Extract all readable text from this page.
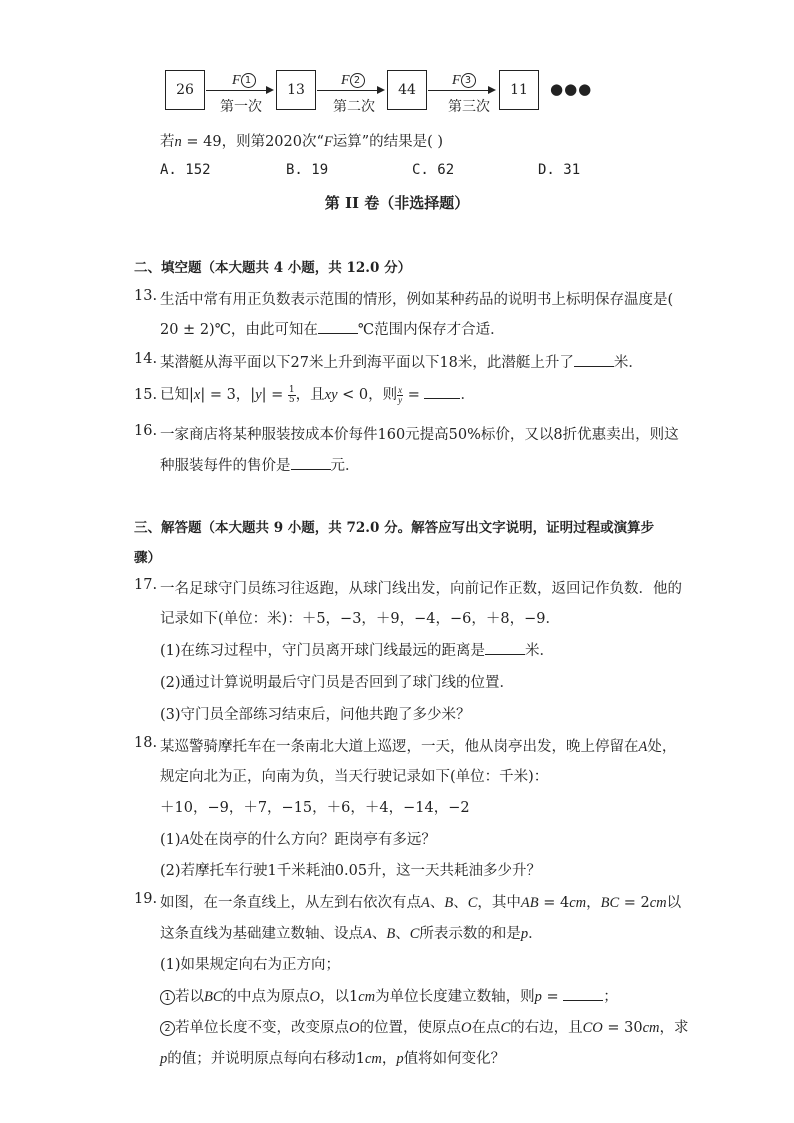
26
F 1
第一次
13
F 2
第二次
44
F 3
第三次
11 ●●●
若n = 49，则第2020次“F运算”的结果是( )
A. 152	B. 19	C. 62	D. 31
第 II 卷（非选择题）
二、填空题（本大题共 4 小题，共 12.0 分）
13. 生活中常有用正负数表示范围的情形，例如某种药品的说明书上标明保存温度是(
20 ± 2)℃，由此可知在	℃范围内保存才合适．
14. 某潜艇从海平面以下27米上升到海平面以下18米，此潜艇上升了	米．
15. 已知|x| = 3，$|y| = \frac{1}{5}$ ，且xy < 0，则 $\frac{x}{y}$ = ．
16. 一家商店将某种服装按成本价每件160元提高50%标价，又以8折优惠卖出，则这
种服装每件的售价是	元．
三、解答题（本大题共 9 小题，共 72.0 分。解答应写出文字说明，证明过程或演算步
骤）
17. 一名足球守门员练习往返跑，从球门线出发，向前记作正数，返回记作负数．他的
记录如下(单位：米)：＋5，−3，＋9，−4，−6，＋8，−9．
(1)在练习过程中，守门员离开球门线最远的距离是	米．
(2)通过计算说明最后守门员是否回到了球门线的位置．
(3)守门员全部练习结束后，问他共跑了多少米？
18. 某巡警骑摩托车在一条南北大道上巡逻，一天，他从岗亭出发，晚上停留在A处，
规定向北为正，向南为负，当天行驶记录如下(单位：千米)：
＋10，−9，＋7，−15，＋6，＋4，−14，−2
(1)A处在岗亭的什么方向？距岗亭有多远？
(2)若摩托车行驶1千米耗油0.05升，这一天共耗油多少升？
19. 如图，在一条直线上，从左到右依次有点A、B、C，其中AB = 4cm，BC = 2cm以
这条直线为基础建立数轴、设点A、B、C所表示数的和是p．
(1)如果规定向右为正方向；
1 若以BC的中点为原点O，以1cm为单位长度建立数轴，则p =	；
2 若单位长度不变，改变原点O的位置，使原点O在点C的右边，且CO = 30cm，求
p的值；并说明原点每向右移动1cm，p值将如何变化？
